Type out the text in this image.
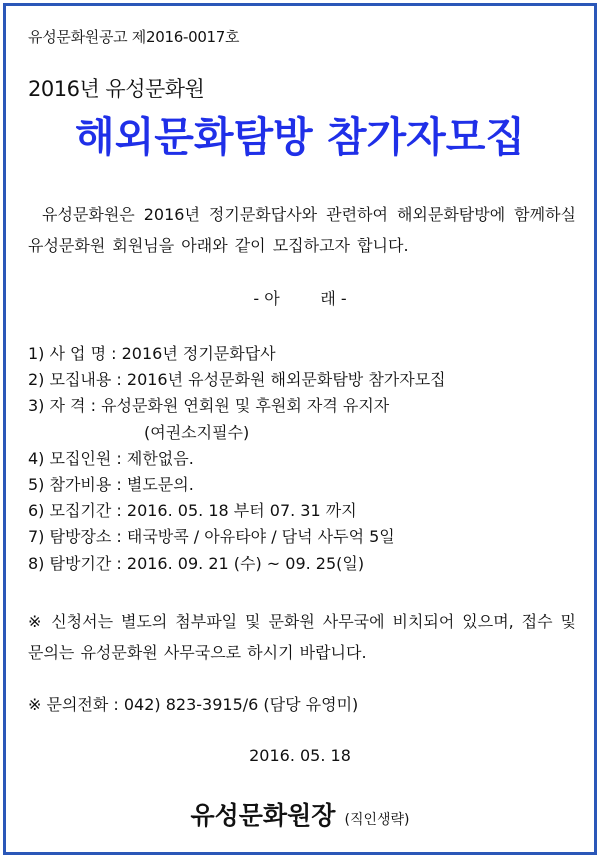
유성문화원공고 제2016-0017호
2016년 유성문화원
해외문화탐방 참가자모집
유성문화원은 2016년 정기문화답사와 관련하여 해외문화탐방에 함께하실 유성문화원 회원님을 아래와 같이 모집하고자 합니다.
- 아        래 -
1) 사 업 명 : 2016년 정기문화답사
2) 모집내용 : 2016년 유성문화원 해외문화탐방 참가자모집
3) 자 격 : 유성문화원 연회원 및 후원회 자격 유지자
(여권소지필수)
4) 모집인원 : 제한없음.
5) 참가비용 : 별도문의.
6) 모집기간 : 2016. 05. 18 부터 07. 31 까지
7) 탐방장소 : 태국방콕 / 아유타야 / 담넉 사두억 5일
8) 탐방기간 : 2016. 09. 21 (수) ~ 09. 25(일)
※ 신청서는 별도의 첨부파일 및 문화원 사무국에 비치되어 있으며, 접수 및 문의는 유성문화원 사무국으로 하시기 바랍니다.
※ 문의전화 : 042) 823-3915/6 (담당 유영미)
2016. 05. 18
유성문화원장 (직인생략)
